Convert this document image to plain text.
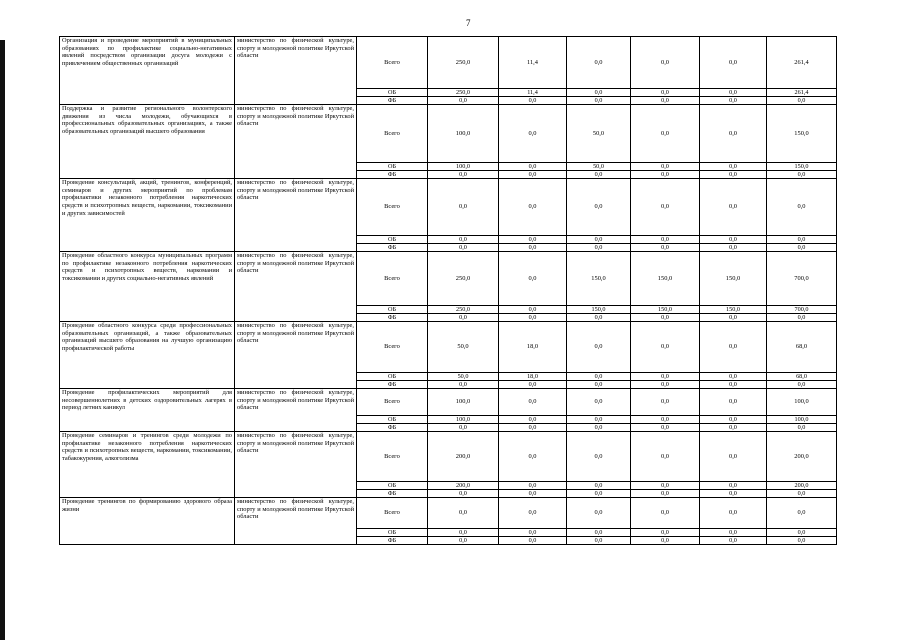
7
Организация и проведение мероприятий в муниципальных образованиях по профилактике социально-негативных явлений посредством организации досуга молодежи с привлечением общественных организаций	министерство по физической культуре, спорту и молодежной политике Иркутской области	Всего	250,0	11,4	0,0	0,0	0,0	261,4
		ОБ	250,0	11,4	0,0	0,0	0,0	261,4
		ФБ	0,0	0,0	0,0	0,0	0,0	0,0
Поддержка и развитие регионального волонтерского движения из числа молодежи, обучающихся в профессиональных образовательных организациях, а также образовательных организаций высшего образования	министерство по физической культуре, спорту и молодежной политике Иркутской области	Всего	100,0	0,0	50,0	0,0	0,0	150,0
		ОБ	100,0	0,0	50,0	0,0	0,0	150,0
		ФБ	0,0	0,0	0,0	0,0	0,0	0,0
Проведение консультаций, акций, тренингов, конференций, семинаров и других мероприятий по проблемам профилактики незаконного потребления наркотических средств и психотропных веществ, наркомании, токсикомании и других зависимостей	министерство по физической культуре, спорту и молодежной политике Иркутской области	Всего	0,0	0,0	0,0	0,0	0,0	0,0
		ОБ	0,0	0,0	0,0	0,0	0,0	0,0
		ФБ	0,0	0,0	0,0	0,0	0,0	0,0
Проведение областного конкурса муниципальных программ по профилактике незаконного потребления наркотических средств и психотропных веществ, наркомании и токсикомании и других социально-негативных явлений	министерство по физической культуре, спорту и молодежной политике Иркутской области	Всего	250,0	0,0	150,0	150,0	150,0	700,0
		ОБ	250,0	0,0	150,0	150,0	150,0	700,0
		ФБ	0,0	0,0	0,0	0,0	0,0	0,0
Проведение областного конкурса среди профессиональных образовательных организаций, а также образовательных организаций высшего образования на лучшую организацию профилактической работы	министерство по физической культуре, спорту и молодежной политике Иркутской области	Всего	50,0	18,0	0,0	0,0	0,0	68,0
		ОБ	50,0	18,0	0,0	0,0	0,0	68,0
		ФБ	0,0	0,0	0,0	0,0	0,0	0,0
Проведение профилактических мероприятий для несовершеннолетних в детских оздоровительных лагерях в период летних каникул	министерство по физической культуре, спорту и молодежной политике Иркутской области	Всего	100,0	0,0	0,0	0,0	0,0	100,0
		ОБ	100,0	0,0	0,0	0,0	0,0	100,0
		ФБ	0,0	0,0	0,0	0,0	0,0	0,0
Проведение семинаров и тренингов среди молодежи по профилактике незаконного потребления наркотических средств и психотропных веществ, наркомании, токсикомании, табакокурения, алкоголизма	министерство по физической культуре, спорту и молодежной политике Иркутской области	Всего	200,0	0,0	0,0	0,0	0,0	200,0
		ОБ	200,0	0,0	0,0	0,0	0,0	200,0
		ФБ	0,0	0,0	0,0	0,0	0,0	0,0
Проведение тренингов по формированию здорового образа жизни	министерство по физической культуре, спорту и молодежной политике Иркутской области	Всего	0,0	0,0	0,0	0,0	0,0	0,0
		ОБ	0,0	0,0	0,0	0,0	0,0	0,0
		ФБ	0,0	0,0	0,0	0,0	0,0	0,0
